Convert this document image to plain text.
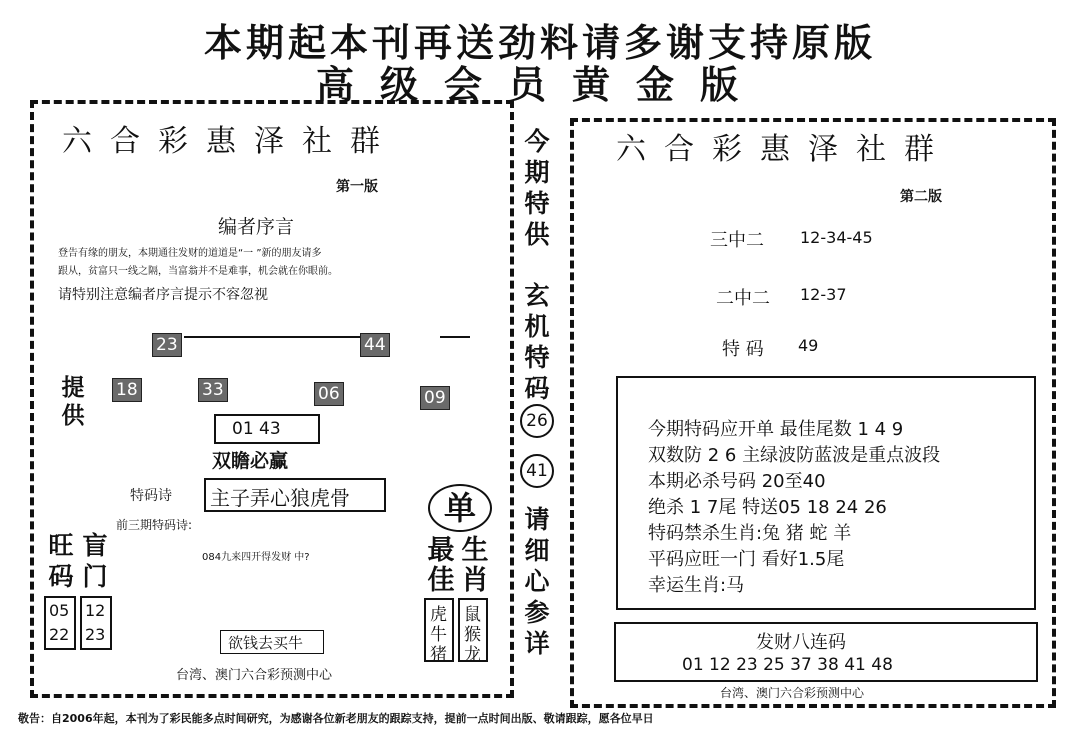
本期起本刊再送劲料请多谢支持原版
高级会员黄金版
六合彩惠泽社群
第一版
编者序言
登告有缘的朋友，本期通往发财的道道是“一 ”新的朋友请多
跟从，贫富只一线之隔，当富翁并不是难事，机会就在你眼前。
请特别注意编者序言提示不容忽视
23	44
提供
18	33	06	09
01 43
双瞻必赢
特码诗 主子弄心狼虎骨
前三期特码诗:
084九来四开得发财 中?
旺码
盲门
05
22
12
23	欲钱去买牛
台湾、澳门六合彩预测中心
单
最佳
生肖
虎
牛
猪
鼠
猴
龙
今期特供
玄机特码
26
41
请细心参详
六合彩惠泽社群
第二版
三中二 12-34-45
二中二 12-37
特 码 49
今期特码应开单 最佳尾数 1 4 9
双数防 2 6 主绿波防蓝波是重点波段
本期必杀号码 20至40
绝杀 1 7尾 特送05 18 24 26
特码禁杀生肖:兔 猪 蛇 羊
平码应旺一门 看好1.5尾
幸运生肖:马
发财八连码
01 12 23 25 37 38 41 48
台湾、澳门六合彩预测中心
敬告：自2006年起，本刊为了彩民能多点时间研究，为感谢各位新老朋友的跟踪支持，提前一点时间出版、敬请跟踪，愿各位早日
